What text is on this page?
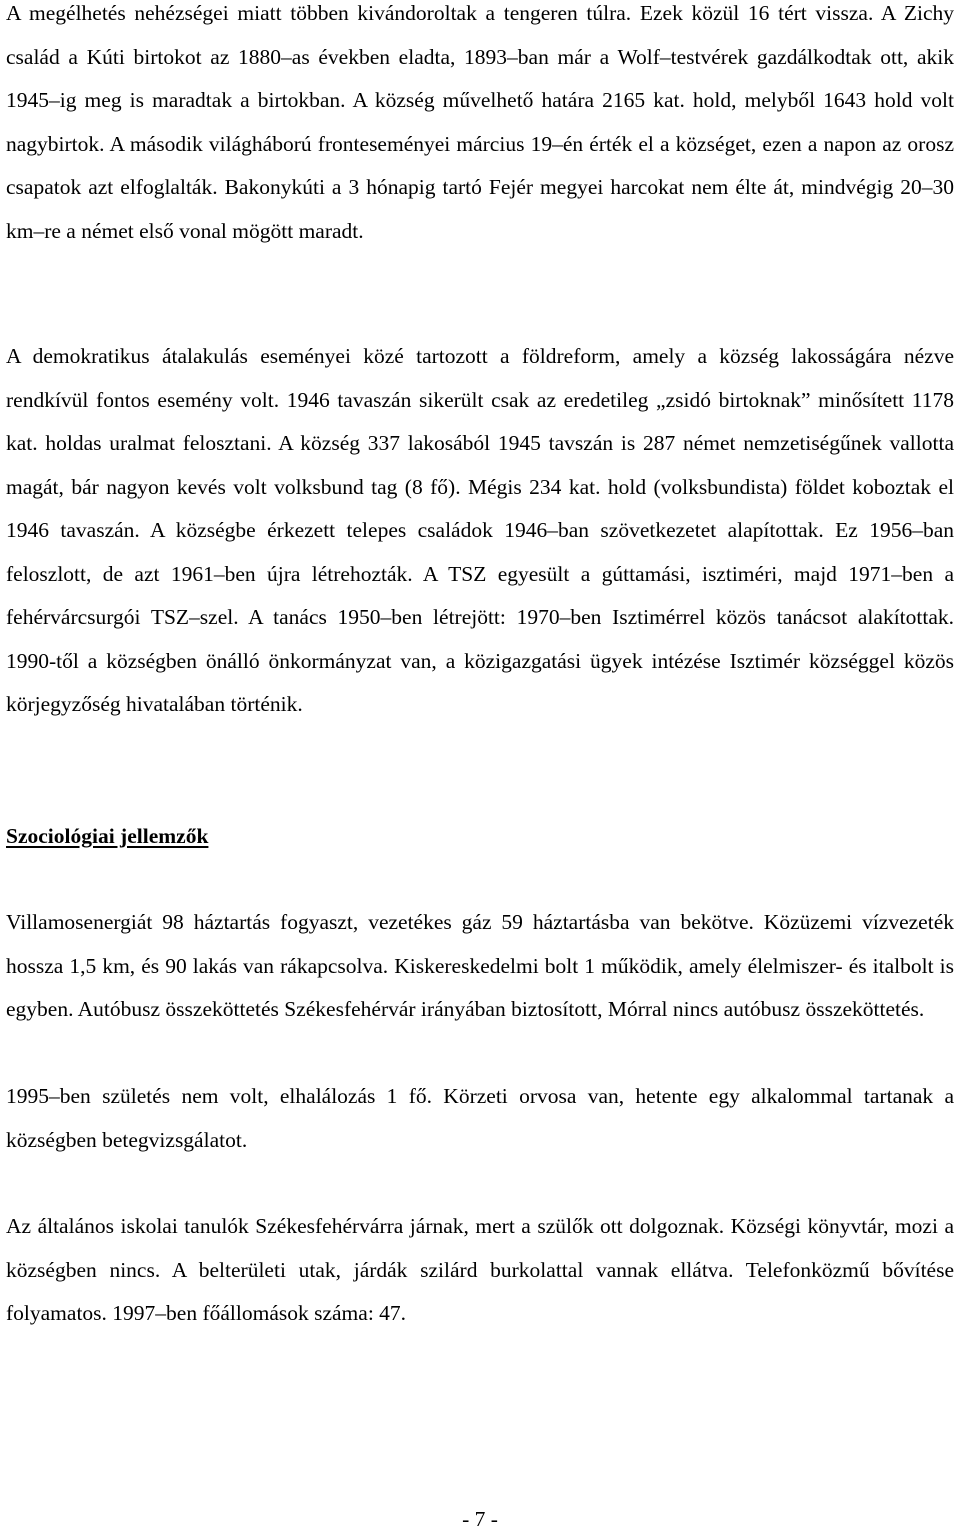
A megélhetés nehézségei miatt többen kivándoroltak a tengeren túlra. Ezek közül 16 tért vissza. A Zichy család a Kúti birtokot az 1880–as években eladta, 1893–ban már a Wolf–testvérek gazdálkodtak ott, akik 1945–ig meg is maradtak a birtokban. A község művelhető határa 2165 kat. hold, melyből 1643 hold volt nagybirtok. A második világháború fronteseményei március 19–én érték el a községet, ezen a napon az orosz csapatok azt elfoglalták. Bakonykúti a 3 hónapig tartó Fejér megyei harcokat nem élte át, mindvégig 20–30 km–re a német első vonal mögött maradt.

A demokratikus átalakulás eseményei közé tartozott a földreform, amely a község lakosságára nézve rendkívül fontos esemény volt. 1946 tavaszán sikerült csak az eredetileg „zsidó birtoknak” minősített 1178 kat. holdas uralmat felosztani. A község 337 lakosából 1945 tavszán is 287 német nemzetiségűnek vallotta magát, bár nagyon kevés volt volksbund tag (8 fő). Mégis 234 kat. hold (volksbundista) földet koboztak el 1946 tavaszán. A községbe érkezett telepes családok 1946–ban szövetkezetet alapítottak. Ez 1956–ban feloszlott, de azt 1961–ben újra létrehozták. A TSZ egyesült a gúttamási, isztiméri, majd 1971–ben a fehérvárcsurgói TSZ–szel. A tanács 1950–ben létrejött: 1970–ben Isztimérrel közös tanácsot alakítottak. 1990-től a községben önálló önkormányzat van, a közigazgatási ügyek intézése Isztimér községgel közös körjegyzőség hivatalában történik.

Szociológiai jellemzők

Villamosenergiát 98 háztartás fogyaszt, vezetékes gáz 59 háztartásba van bekötve. Közüzemi vízvezeték hossza 1,5 km, és 90 lakás van rákapcsolva. Kiskereskedelmi bolt 1 működik, amely élelmiszer- és italbolt is egyben. Autóbusz összeköttetés Székesfehérvár irányában biztosított, Mórral nincs autóbusz összeköttetés.

1995–ben születés nem volt, elhalálozás 1 fő. Körzeti orvosa van, hetente egy alkalommal tartanak a községben betegvizsgálatot.

Az általános iskolai tanulók Székesfehérvárra járnak, mert a szülők ott dolgoznak. Községi könyvtár, mozi a községben nincs. A belterületi utak, járdák szilárd burkolattal vannak ellátva. Telefonközmű bővítése folyamatos. 1997–ben főállomások száma: 47.

- 7 -
